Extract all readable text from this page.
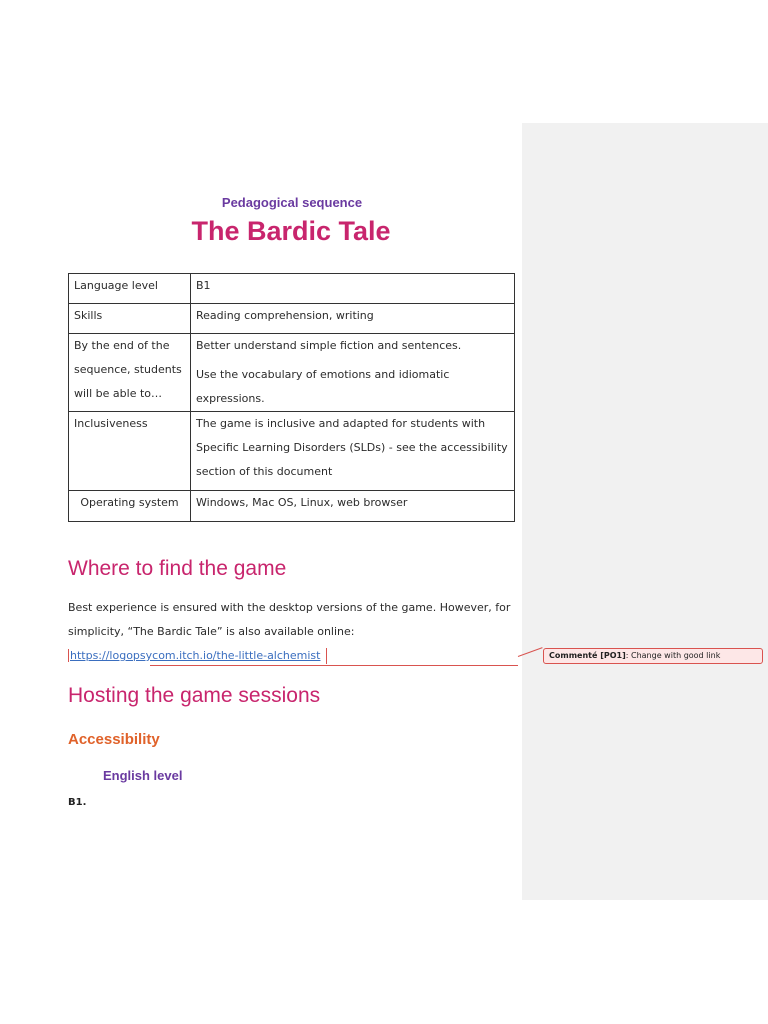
Commenté [PO1]: Change with good link
Pedagogical sequence
The Bardic Tale
Language level	B1

Skills	Reading comprehension, writing

By the end of the sequence, students will be able to…	Better understand simple fiction and sentences.

Use the vocabulary of emotions and idiomatic expressions.

Inclusiveness	The game is inclusive and adapted for students with Specific Learning Disorders (SLDs) - see the accessibility section of this document

Operating system	Windows, Mac OS, Linux, web browser

Where to find the game
Best experience is ensured with the desktop versions of the game. However, for simplicity, “The Bardic Tale” is also available online: https://logopsycom.itch.io/the-little-alchemist
Hosting the game sessions
Accessibility
English level
B1.
